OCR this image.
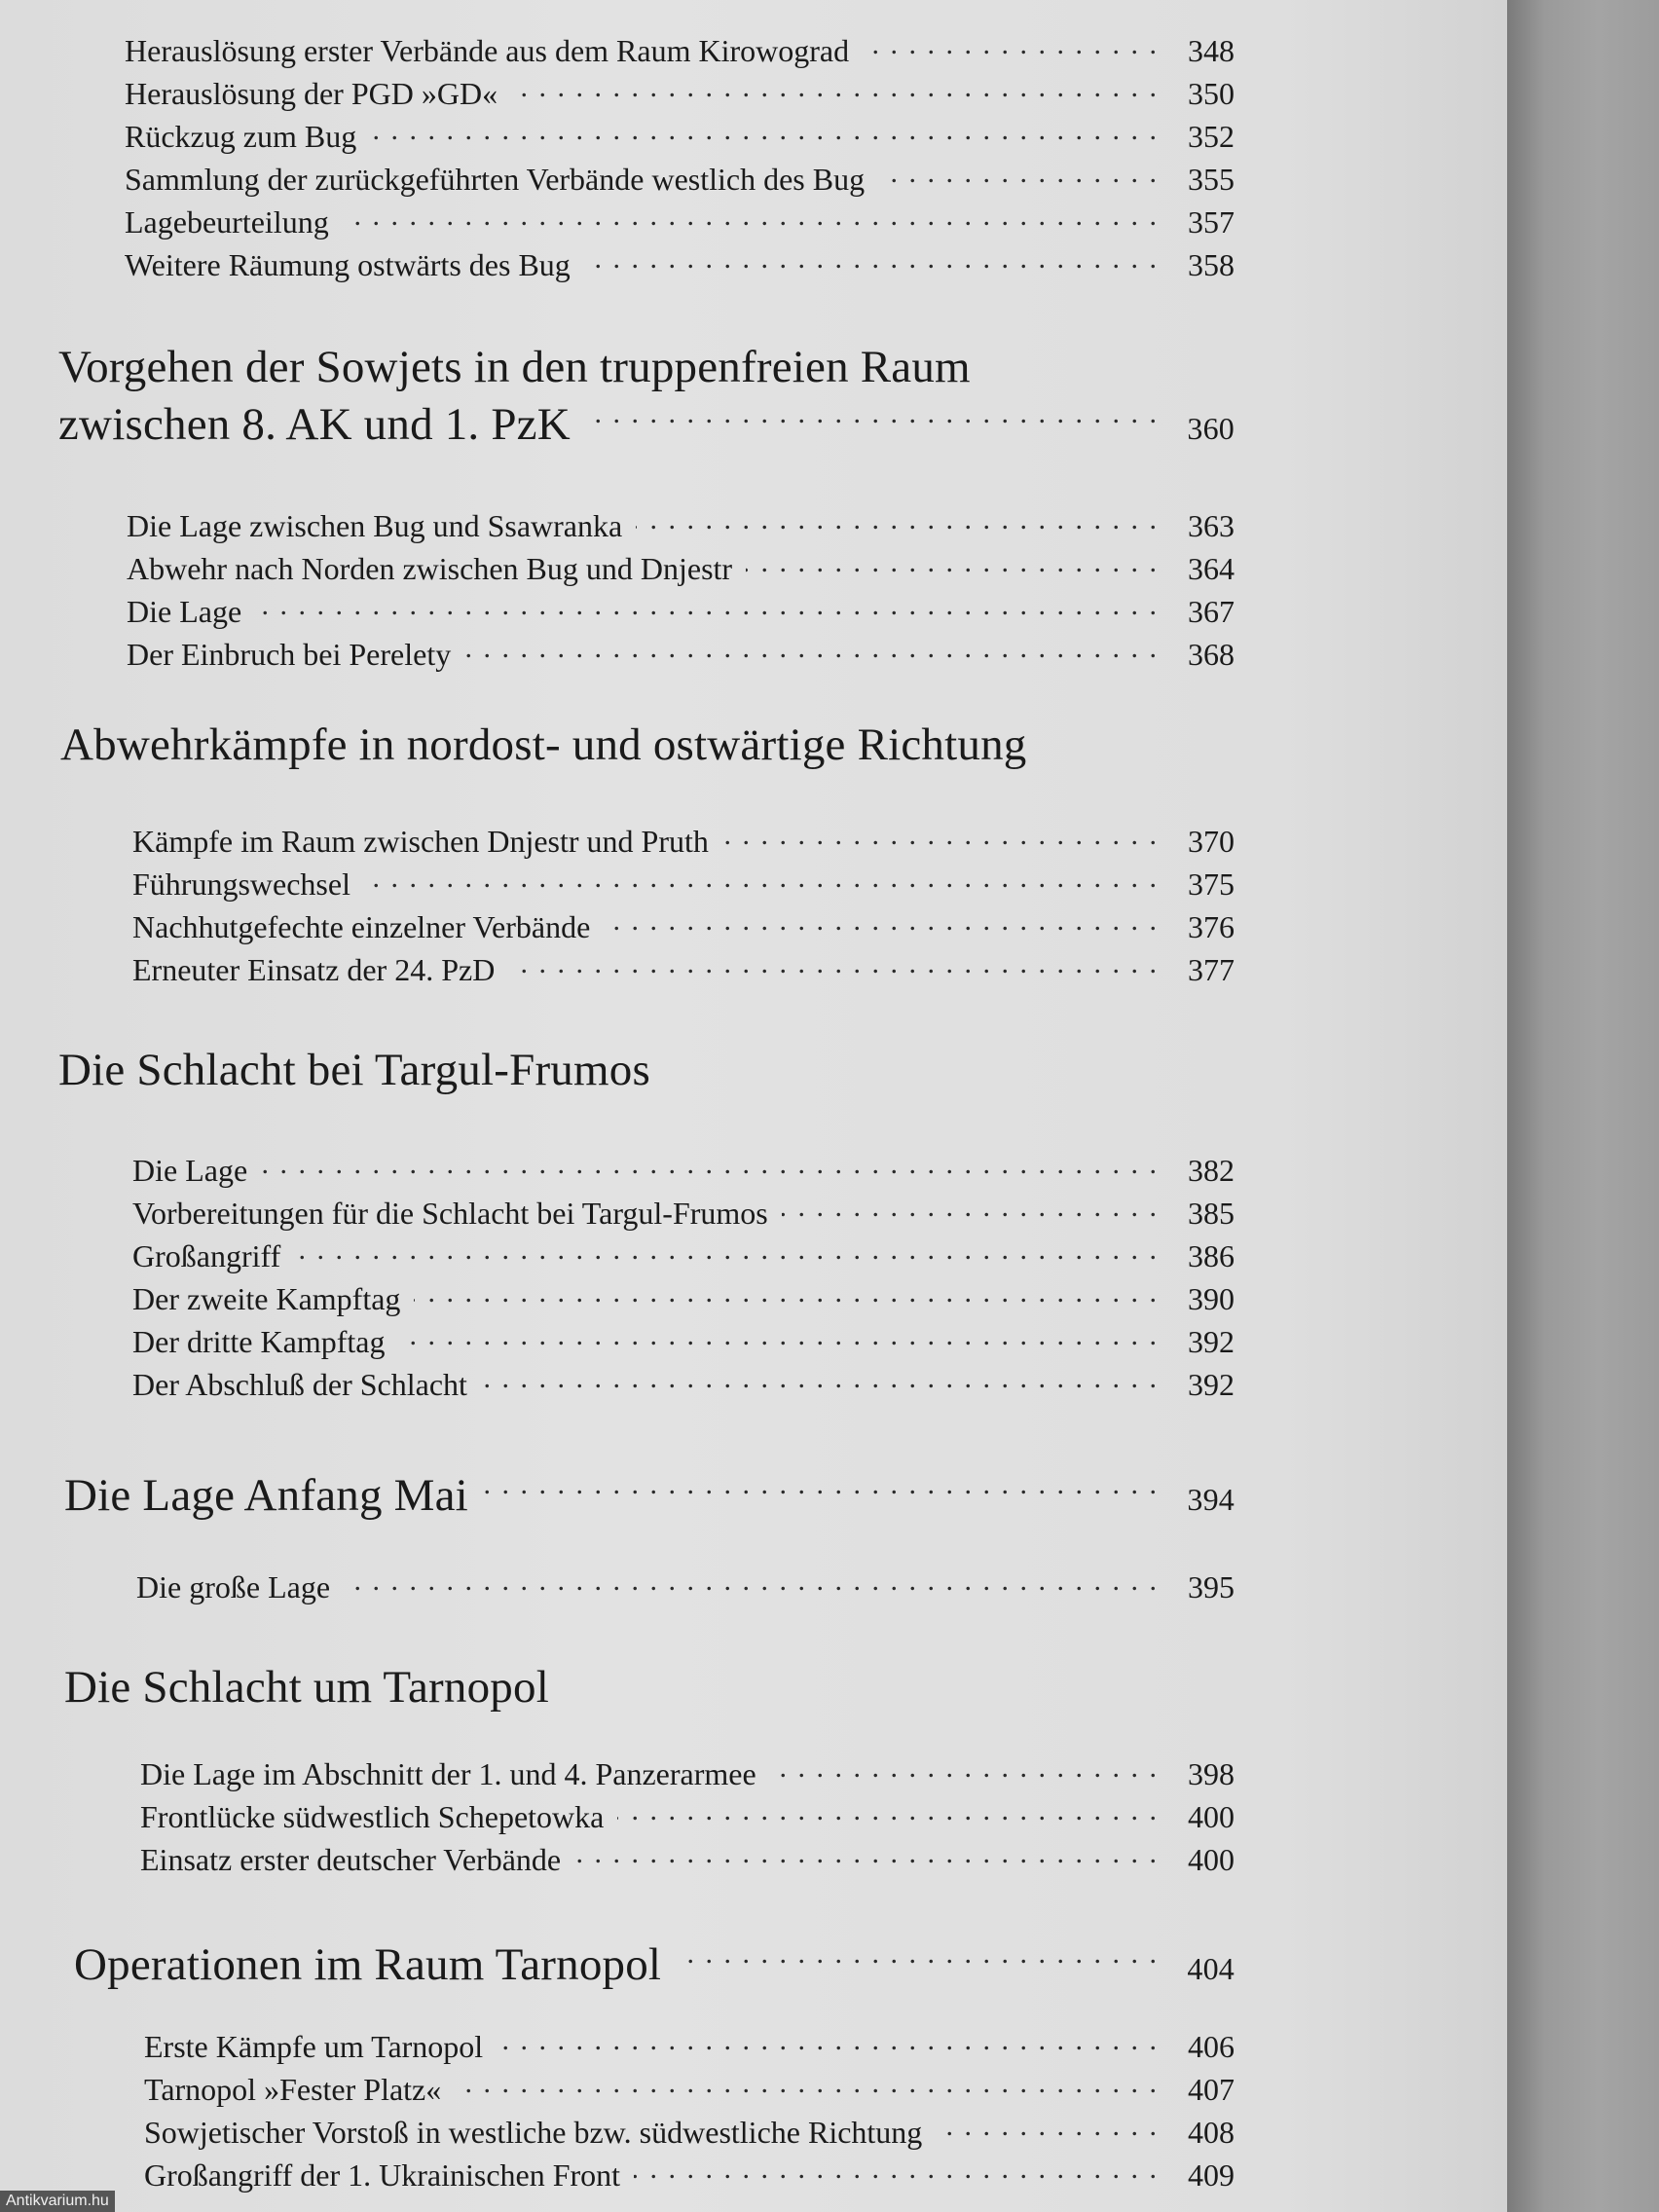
Herauslösung erster Verbände aus dem Raum Kirowograd . . .	348
Herauslösung der PGD »GD« . . .	350
Rückzug zum Bug . . .	352
Sammlung der zurückgeführten Verbände westlich des Bug . . .	355
Lagebeurteilung . . .	357
Weitere Räumung ostwärts des Bug . . .	358
Vorgehen der Sowjets in den truppenfreien Raum
zwischen 8. AK und 1. PzK . . .	360
Die Lage zwischen Bug und Ssawranka . . .	363
Abwehr nach Norden zwischen Bug und Dnjestr . . .	364
Die Lage . . .	367
Der Einbruch bei Perelety . . .	368
Abwehrkämpfe in nordost- und ostwärtige Richtung
Kämpfe im Raum zwischen Dnjestr und Pruth . . .	370
Führungswechsel . . .	375
Nachhutgefechte einzelner Verbände . . .	376
Erneuter Einsatz der 24. PzD . . .	377
Die Schlacht bei Targul-Frumos
Die Lage . . .	382
Vorbereitungen für die Schlacht bei Targul-Frumos . . .	385
Großangriff . . .	386
Der zweite Kampftag . . .	390
Der dritte Kampftag . . .	392
Der Abschluß der Schlacht . . .	392
Die Lage Anfang Mai . . .	394
Die große Lage . . .	395
Die Schlacht um Tarnopol
Die Lage im Abschnitt der 1. und 4. Panzerarmee . . .	398
Frontlücke südwestlich Schepetowka . . .	400
Einsatz erster deutscher Verbände . . .	400
Operationen im Raum Tarnopol . . .	404
Erste Kämpfe um Tarnopol . . .	406
Tarnopol »Fester Platz« . . .	407
Sowjetischer Vorstoß in westliche bzw. südwestliche Richtung . . .	408
Großangriff der 1. Ukrainischen Front . . .	409
Antikvarium.hu
